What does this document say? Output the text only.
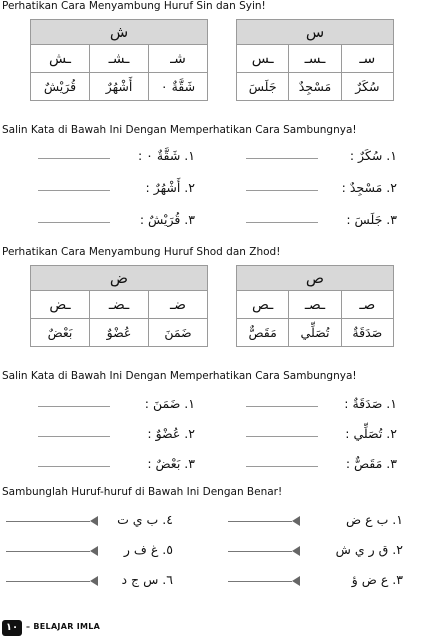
Perhatikan Cara Menyambung Huruf Sin dan Syin!
ش		
ـش	ـشـ	شـ
قُرَيْشٌ	أَشْهُرٌ	شَقَّةٌ ٠
س		
ـس	ـسـ	سـ
جَلَسَ	مَسْجِدٌ	سُكَرٌ
Salin Kata di Bawah Ini Dengan Memperhatikan Cara Sambungnya!
١. شَقَّةٌ ٠ :	١. سُكَرٌ :
٢. أَشْهُرٌ :	٢. مَسْجِدٌ :
٣. قُرَيْشٌ :	٣. جَلَسَ :
Perhatikan Cara Menyambung Huruf Shod dan Zhod!
ض		
ـض	ـضـ	ضـ
بَعْضٌ	عُضْوٌ	ضَمَنَ
ص		
ـص	ـصـ	صـ
مَقَصٌّ	تُصَلِّي	صَدَقَةٌ
Salin Kata di Bawah Ini Dengan Memperhatikan Cara Sambungnya!
١. ضَمَنَ :	١. صَدَقَةٌ :
٢. عُضْوٌ :	٢. تُصَلِّي :
٣. بَعْضٌ :	٣. مَقَصٌّ :
Sambunglah Huruf-huruf di Bawah Ini Dengan Benar!
٤. ب ي ت	١. ب ع ض
٥. غ ف ر	٢. ق ر ي ش
٦. س ج د	٣. ع ض ؤ
١٠ – BELAJAR IMLA
